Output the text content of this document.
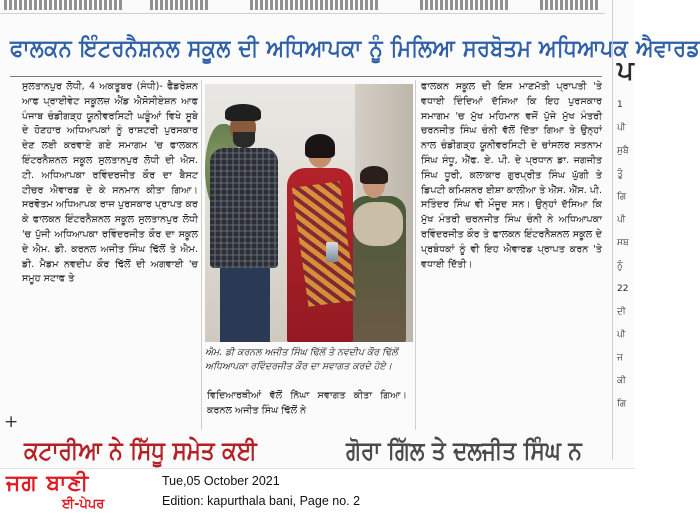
ਫਾਲਕਨ ਇੰਟਰਨੈਸ਼ਨਲ ਸਕੂਲ ਦੀ ਅਧਿਆਪਕਾ ਨੂੰ ਮਿਲਿਆ ਸਰਬੋਤਮ ਅਧਿਆਪਕ ਐਵਾਰਡ
ਸੁਲਤਾਨਪੁਰ ਲੋਧੀ, 4 ਅਕਤੂਬਰ (ਸੰਧੀ)- ਫੈਡਰੇਸ਼ਨ ਆਫ ਪ੍ਰਾਈਵੇਟ ਸਕੂਲਜ਼ ਐਂਡ ਐਸੋਸੀਏਸ਼ਨ ਆਫ ਪੰਜਾਬ ਚੰਡੀਗੜ੍ਹ ਯੂਨੀਵਰਸਿਟੀ ਘੜੂੰਆਂ ਵਿਖੇ ਸੂਬੇ ਦੇ ਹੋਣਹਾਰ ਅਧਿਆਪਕਾਂ ਨੂੰ ਰਾਸ਼ਟਰੀ ਪੁਰਸਕਾਰ ਦੇਣ ਲਈ ਕਰਵਾਏ ਗਏ ਸਮਾਗਮ 'ਚ ਫਾਲਕਨ ਇੰਟਰਨੈਸ਼ਨਲ ਸਕੂਲ ਸੁਲਤਾਨਪੁਰ ਲੋਧੀ ਦੀ ਐਸ. ਟੀ. ਅਧਿਆਪਕਾ ਰਵਿੰਦਰਜੀਤ ਕੌਰ ਦਾ ਬੈਸਟ ਟੀਚਰ ਐਵਾਰਡ ਦੇ ਕੇ ਸਨਮਾਨ ਕੀਤਾ ਗਿਆ। ਸਰਵੋਤਮ ਅਧਿਆਪਕ ਰਾਜ ਪੁਰਸਕਾਰ ਪ੍ਰਾਪਤ ਕਰ ਕੇ ਫਾਲਕਨ ਇੰਟਰਨੈਸ਼ਨਲ ਸਕੂਲ ਸੁਲਤਾਨਪੁਰ ਲੋਧੀ 'ਚ ਪੁੱਜੀ ਅਧਿਆਪਕਾ ਰਵਿੰਦਰਜੀਤ ਕੌਰ ਦਾ ਸਕੂਲ ਦੇ ਐਮ. ਡੀ. ਕਰਨਲ ਅਜੀਤ ਸਿੰਘ ਢਿੱਲੋਂ ਤੇ ਐਮ. ਡੀ. ਮੈਡਮ ਨਵਦੀਪ ਕੌਰ ਢਿੱਲੋਂ ਦੀ ਅਗਵਾਈ 'ਚ ਸਮੂਹ ਸਟਾਫ ਤੇ
ਐਮ. ਡੀ ਕਰਨਲ ਅਜੀਤ ਸਿੰਘ ਢਿੱਲੋਂ ਤੇ ਨਵਦੀਪ ਕੌਰ ਢਿੱਲੋਂ ਅਧਿਆਪਕਾ ਰਵਿੰਦਰਜੀਤ ਕੌਰ ਦਾ ਸਵਾਗਤ ਕਰਦੇ ਹੋਏ।
ਵਿਦਿਆਰਥੀਆਂ ਵੱਲੋਂ ਨਿੱਘਾ ਸਵਾਗਤ ਕੀਤਾ ਗਿਆ। ਕਰਨਲ ਅਜੀਤ ਸਿੰਘ ਢਿੱਲੋਂ ਨੇ
ਫਾਲਕਨ ਸਕੂਲ ਦੀ ਇਸ ਮਾਣਮੱਤੀ ਪ੍ਰਾਪਤੀ 'ਤੇ ਵਧਾਈ ਦਿੰਦਿਆਂ ਦੱਸਿਆ ਕਿ ਇਹ ਪੁਰਸਕਾਰ ਸਮਾਗਮ 'ਚ ਮੁੱਖ ਮਹਿਮਾਨ ਵਜੋਂ ਪੁੱਜੇ ਮੁੱਖ ਮੰਤਰੀ ਚਰਨਜੀਤ ਸਿੰਘ ਚੰਨੀ ਵੱਲੋਂ ਦਿੱਤਾ ਗਿਆ ਤੇ ਉਨ੍ਹਾਂ ਨਾਲ ਚੰਡੀਗੜ੍ਹ ਯੂਨੀਵਰਸਿਟੀ ਦੇ ਚਾਂਸਲਰ ਸਤਨਾਮ ਸਿੰਘ ਸੰਧੂ, ਐੱਫ. ਏ. ਪੀ. ਦੇ ਪ੍ਰਧਾਨ ਡਾ. ਜਗਜੀਤ ਸਿੰਘ ਧੂਰੀ, ਕਲਾਕਾਰ ਗੁਰਪ੍ਰੀਤ ਸਿੰਘ ਘੁੱਗੀ ਤੇ ਡਿਪਟੀ ਕਮਿਸ਼ਨਰ ਈਸ਼ਾ ਕਾਲੀਆ ਤੇ ਐੱਸ. ਐੱਸ. ਪੀ. ਸਤਿੰਦਰ ਸਿੰਘ ਵੀ ਮੌਜੂਦ ਸਨ। ਉਨ੍ਹਾਂ ਦੱਸਿਆ ਕਿ ਮੁੱਖ ਮੰਤਰੀ ਚਰਨਜੀਤ ਸਿੰਘ ਚੰਨੀ ਨੇ ਅਧਿਆਪਕਾ ਰਵਿੰਦਰਜੀਤ ਕੌਰ ਤੇ ਫਾਲਕਨ ਇੰਟਰਨੈਸ਼ਨਲ ਸਕੂਲ ਦੇ ਪ੍ਰਬੰਧਕਾਂ ਨੂੰ ਵੀ ਇਹ ਐਵਾਰਡ ਪ੍ਰਾਪਤ ਕਰਨ 'ਤੇ ਵਧਾਈ ਦਿੱਤੀ।
ਪ
1
ਪੀ
ਸੁਬੈ
ਤੂੰ
ਗਿ
ਪੀ
ਸਬ
ਨੂੰ
22
ਦੀ
ਪੀ
ਜ
ਕੀ
ਗਿ
+
ਕਟਾਰੀਆ ਨੇ ਸਿੱਧੂ ਸਮੇਤ ਕਈ	ਗੋਰਾ ਗਿੱਲ ਤੇ ਦਲਜੀਤ ਸਿੰਘ ਨ
ਜਗ ਬਾਣੀ
ਈ-ਪੇਪਰ
Tue,05 October 2021
Edition: kapurthala bani, Page no. 2
